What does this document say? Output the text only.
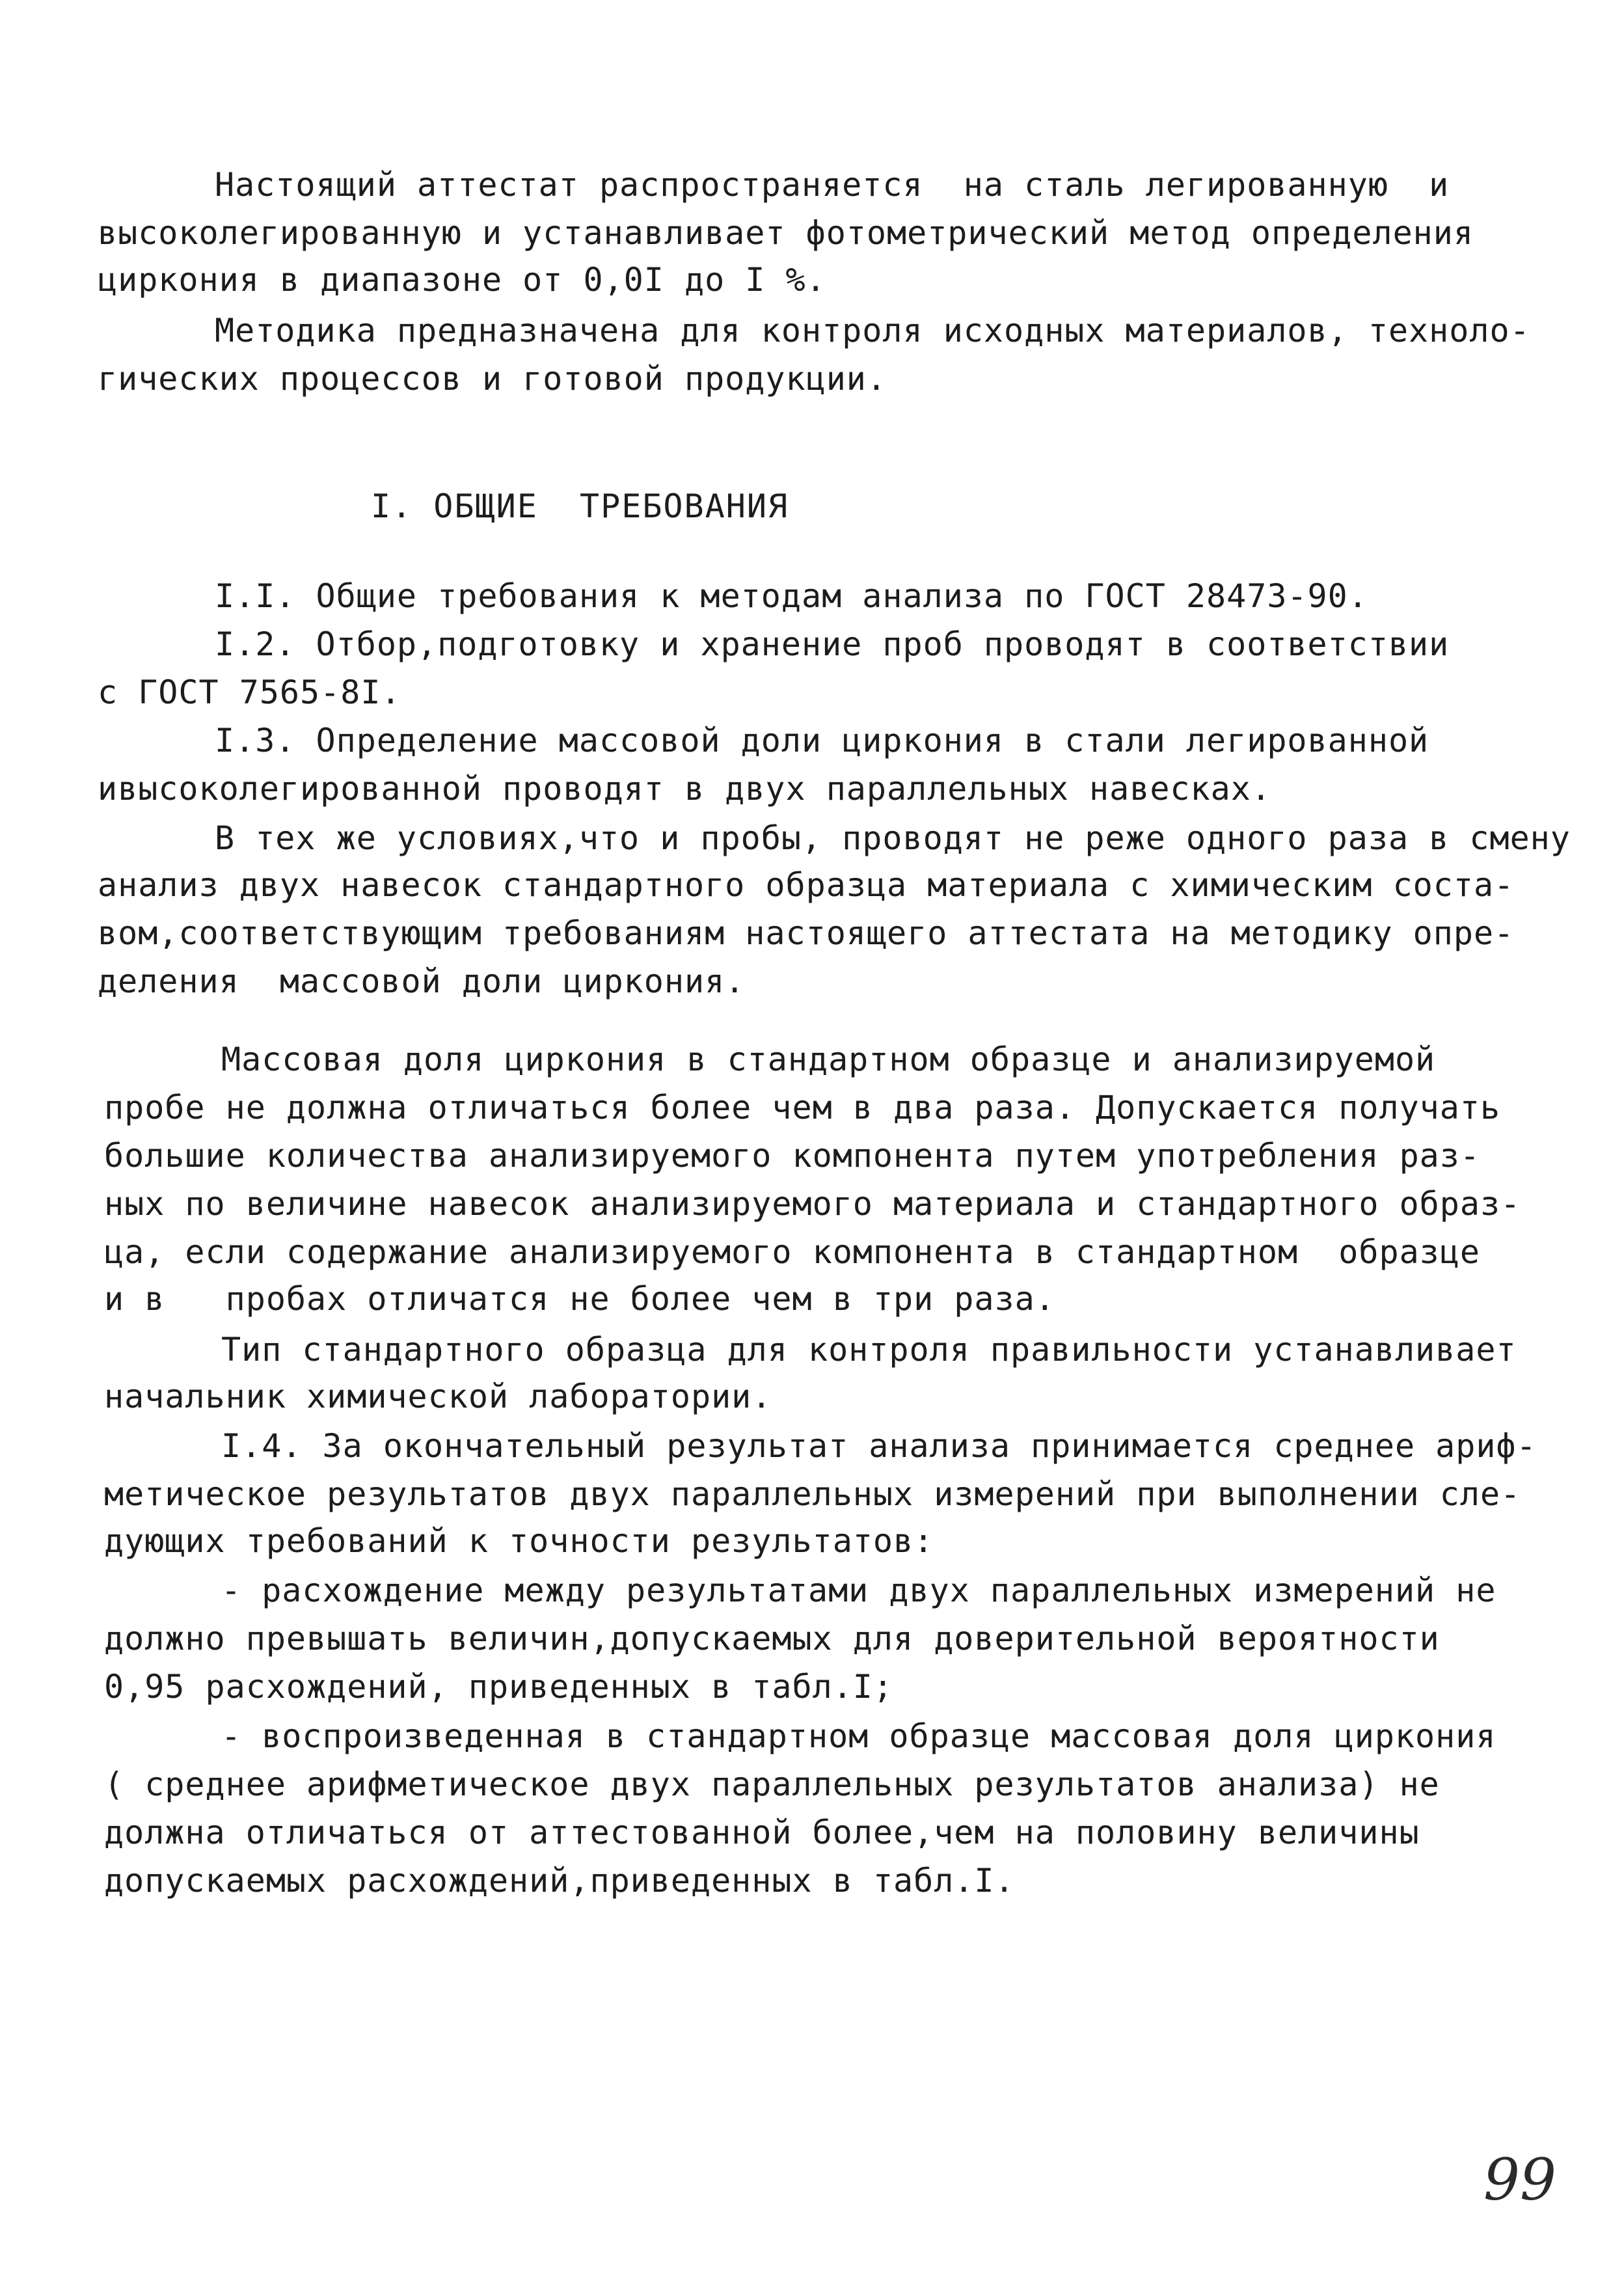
Настоящий аттестат распространяется  на сталь легированную  и
высоколегированную и устанавливает фотометрический метод определения
циркония в диапазоне от 0,0I до I %.
Методика предназначена для контроля исходных материалов, техноло-
гических процессов и готовой продукции.
I. ОБЩИЕ  ТРЕБОВАНИЯ
I.I. Общие требования к методам анализа по ГОСТ 28473-90.
I.2. Отбор,подготовку и хранение проб проводят в соответствии
с ГОСТ 7565-8I.
I.3. Определение массовой доли циркония в стали легированной
ивысоколегированной проводят в двух параллельных навесках.
В тех же условиях,что и пробы, проводят не реже одного раза в смену
анализ двух навесок стандартного образца материала с химическим соста-
вом,соответствующим требованиям настоящего аттестата на методику опре-
деления  массовой доли циркония.
Массовая доля циркония в стандартном образце и анализируемой
пробе не должна отличаться более чем в два раза. Допускается получать
большие количества анализируемого компонента путем употребления раз-
ных по величине навесок анализируемого материала и стандартного образ-
ца, если содержание анализируемого компонента в стандартном  образце
и в   пробах отличатся не более чем в три раза.
Тип стандартного образца для контроля правильности устанавливает
начальник химической лаборатории.
I.4. За окончательный результат анализа принимается среднее ариф-
метическое результатов двух параллельных измерений при выполнении сле-
дующих требований к точности результатов:
- расхождение между результатами двух параллельных измерений не
должно превышать величин,допускаемых для доверительной вероятности
0,95 расхождений, приведенных в табл.I;
- воспроизведенная в стандартном образце массовая доля циркония
( среднее арифметическое двух параллельных результатов анализа) не
должна отличаться от аттестованной более,чем на половину величины
допускаемых расхождений,приведенных в табл.I.
99
